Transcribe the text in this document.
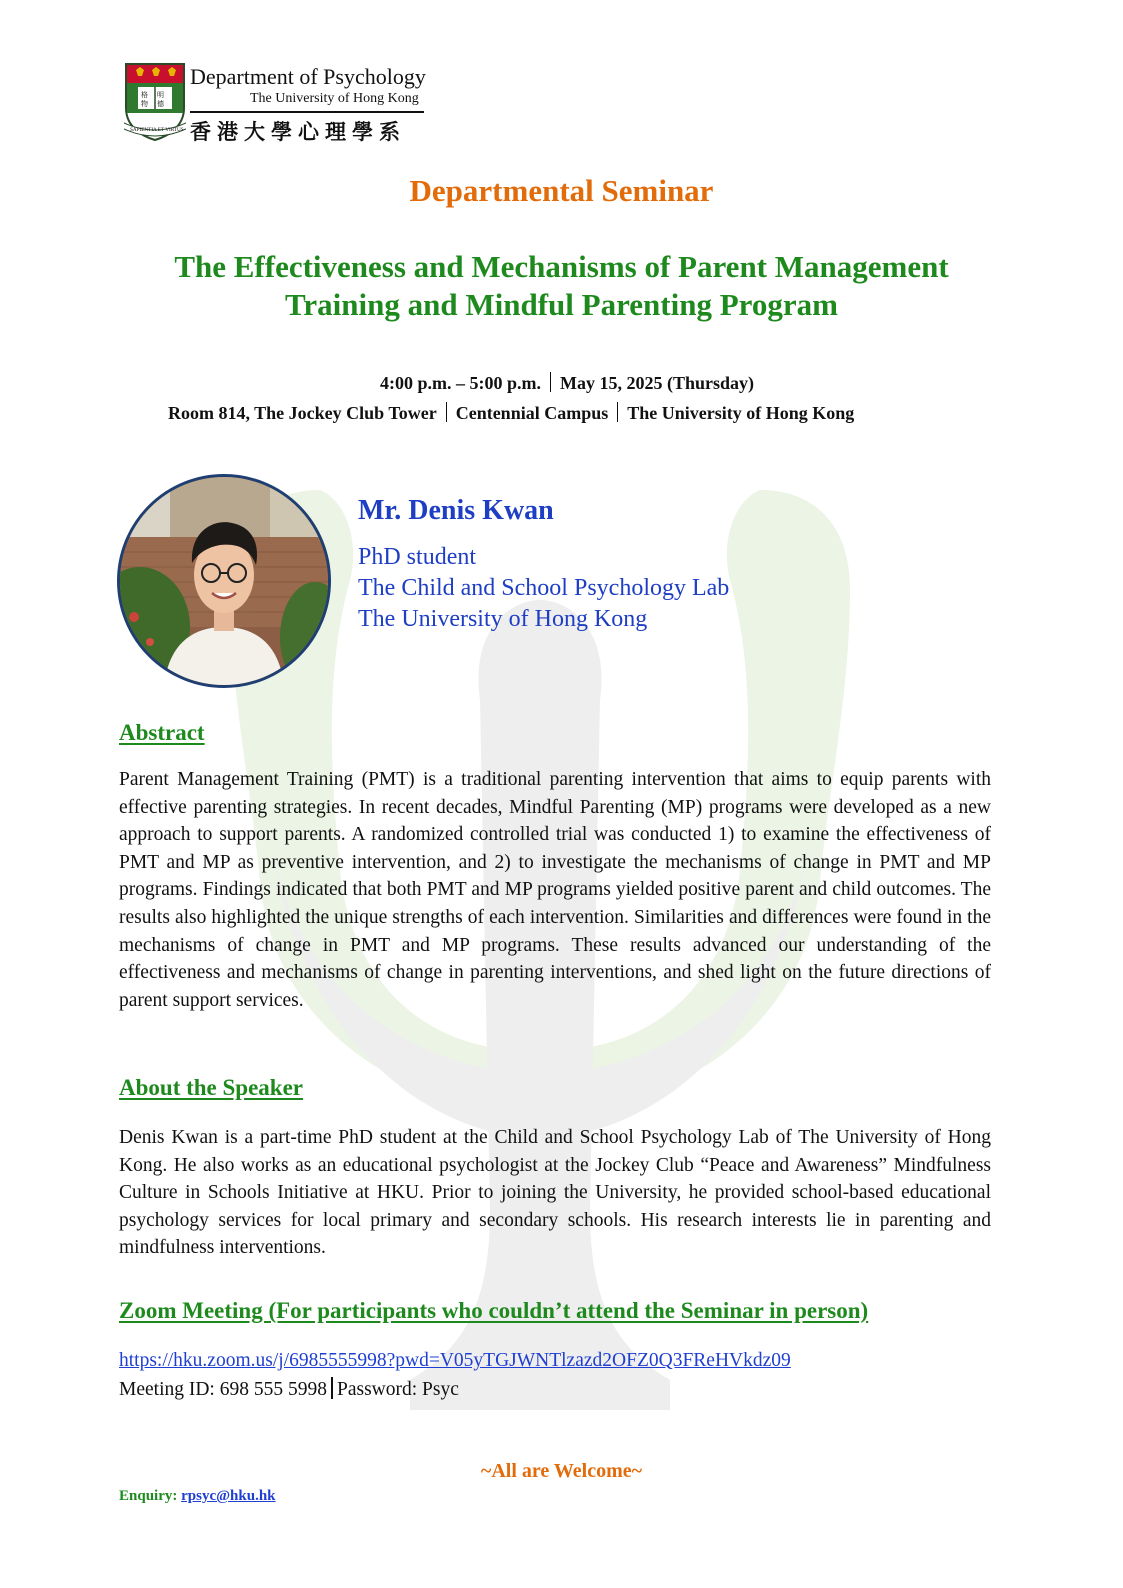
格 明
物 德
SAPIENTIA ET VIRTUS
Department of Psychology
The University of Hong Kong
香港大學心理學系
Departmental Seminar
The Effectiveness and Mechanisms of Parent Management
Training and Mindful Parenting Program
4:00 p.m. – 5:00 p.m. May 15, 2025 (Thursday)
Room 814, The Jockey Club Tower Centennial Campus The University of Hong Kong
Mr. Denis Kwan
PhD student
The Child and School Psychology Lab
The University of Hong Kong
Abstract
Parent Management Training (PMT) is a traditional parenting intervention that aims to equip parents with effective parenting strategies. In recent decades, Mindful Parenting (MP) programs were developed as a new approach to support parents. A randomized controlled trial was conducted 1) to examine the effectiveness of PMT and MP as preventive intervention, and 2) to investigate the mechanisms of change in PMT and MP programs. Findings indicated that both PMT and MP programs yielded positive parent and child outcomes. The results also highlighted the unique strengths of each intervention. Similarities and differences were found in the mechanisms of change in PMT and MP programs. These results advanced our understanding of the effectiveness and mechanisms of change in parenting interventions, and shed light on the future directions of parent support services.
About the Speaker
Denis Kwan is a part-time PhD student at the Child and School Psychology Lab of The University of Hong Kong. He also works as an educational psychologist at the Jockey Club “Peace and Awareness” Mindfulness Culture in Schools Initiative at HKU. Prior to joining the University, he provided school-based educational psychology services for local primary and secondary schools. His research interests lie in parenting and mindfulness interventions.
Zoom Meeting (For participants who couldn’t attend the Seminar in person)
https://hku.zoom.us/j/6985555998?pwd=V05yTGJWNTlzazd2OFZ0Q3FReHVkdz09
Meeting ID: 698 555 5998 Password: Psyc
~All are Welcome~
Enquiry: rpsyc@hku.hk
